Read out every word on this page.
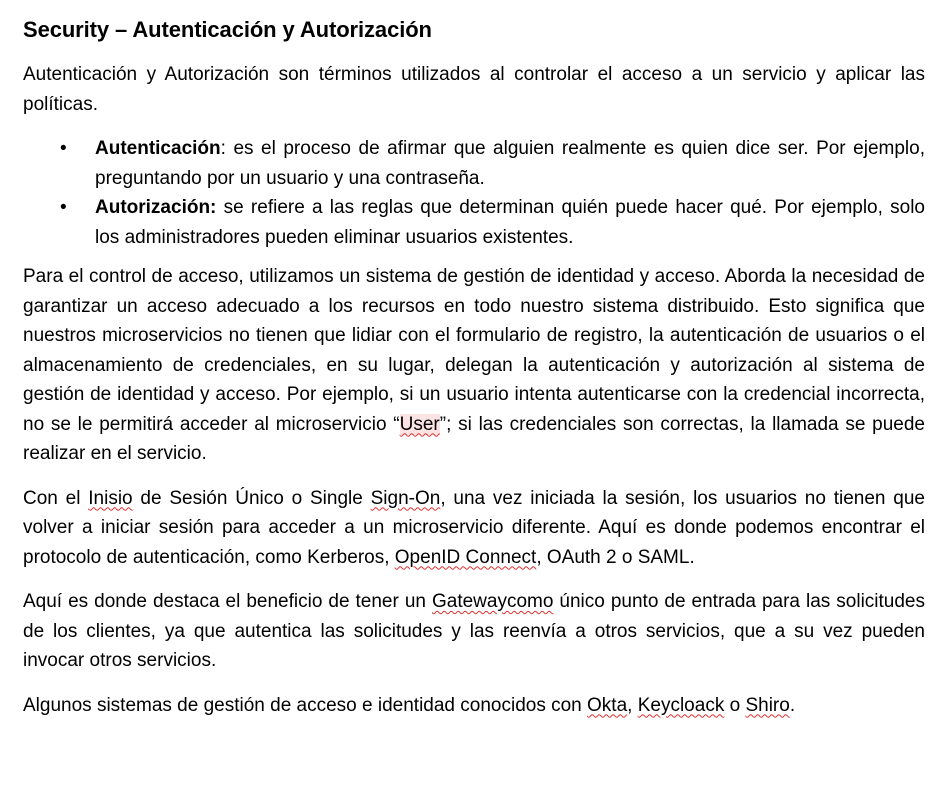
Security – Autenticación y Autorización

Autenticación y Autorización son términos utilizados al controlar el acceso a un servicio y aplicar las políticas.

• Autenticación: es el proceso de afirmar que alguien realmente es quien dice ser. Por ejemplo, preguntando por un usuario y una contraseña.
• Autorización: se refiere a las reglas que determinan quién puede hacer qué. Por ejemplo, solo los administradores pueden eliminar usuarios existentes.

Para el control de acceso, utilizamos un sistema de gestión de identidad y acceso. Aborda la necesidad de garantizar un acceso adecuado a los recursos en todo nuestro sistema distribuido. Esto significa que nuestros microservicios no tienen que lidiar con el formulario de registro, la autenticación de usuarios o el almacenamiento de credenciales, en su lugar, delegan la autenticación y autorización al sistema de gestión de identidad y acceso. Por ejemplo, si un usuario intenta autenticarse con la credencial incorrecta, no se le permitirá acceder al microservicio “User”; si las credenciales son correctas, la llamada se puede realizar en el servicio.

Con el Inisio de Sesión Único o Single Sign-On, una vez iniciada la sesión, los usuarios no tienen que volver a iniciar sesión para acceder a un microservicio diferente. Aquí es donde podemos encontrar el protocolo de autenticación, como Kerberos, OpenID Connect, OAuth 2 o SAML.

Aquí es donde destaca el beneficio de tener un Gatewaycomo único punto de entrada para las solicitudes de los clientes, ya que autentica las solicitudes y las reenvía a otros servicios, que a su vez pueden invocar otros servicios.

Algunos sistemas de gestión de acceso e identidad conocidos con Okta, Keycloack o Shiro.
